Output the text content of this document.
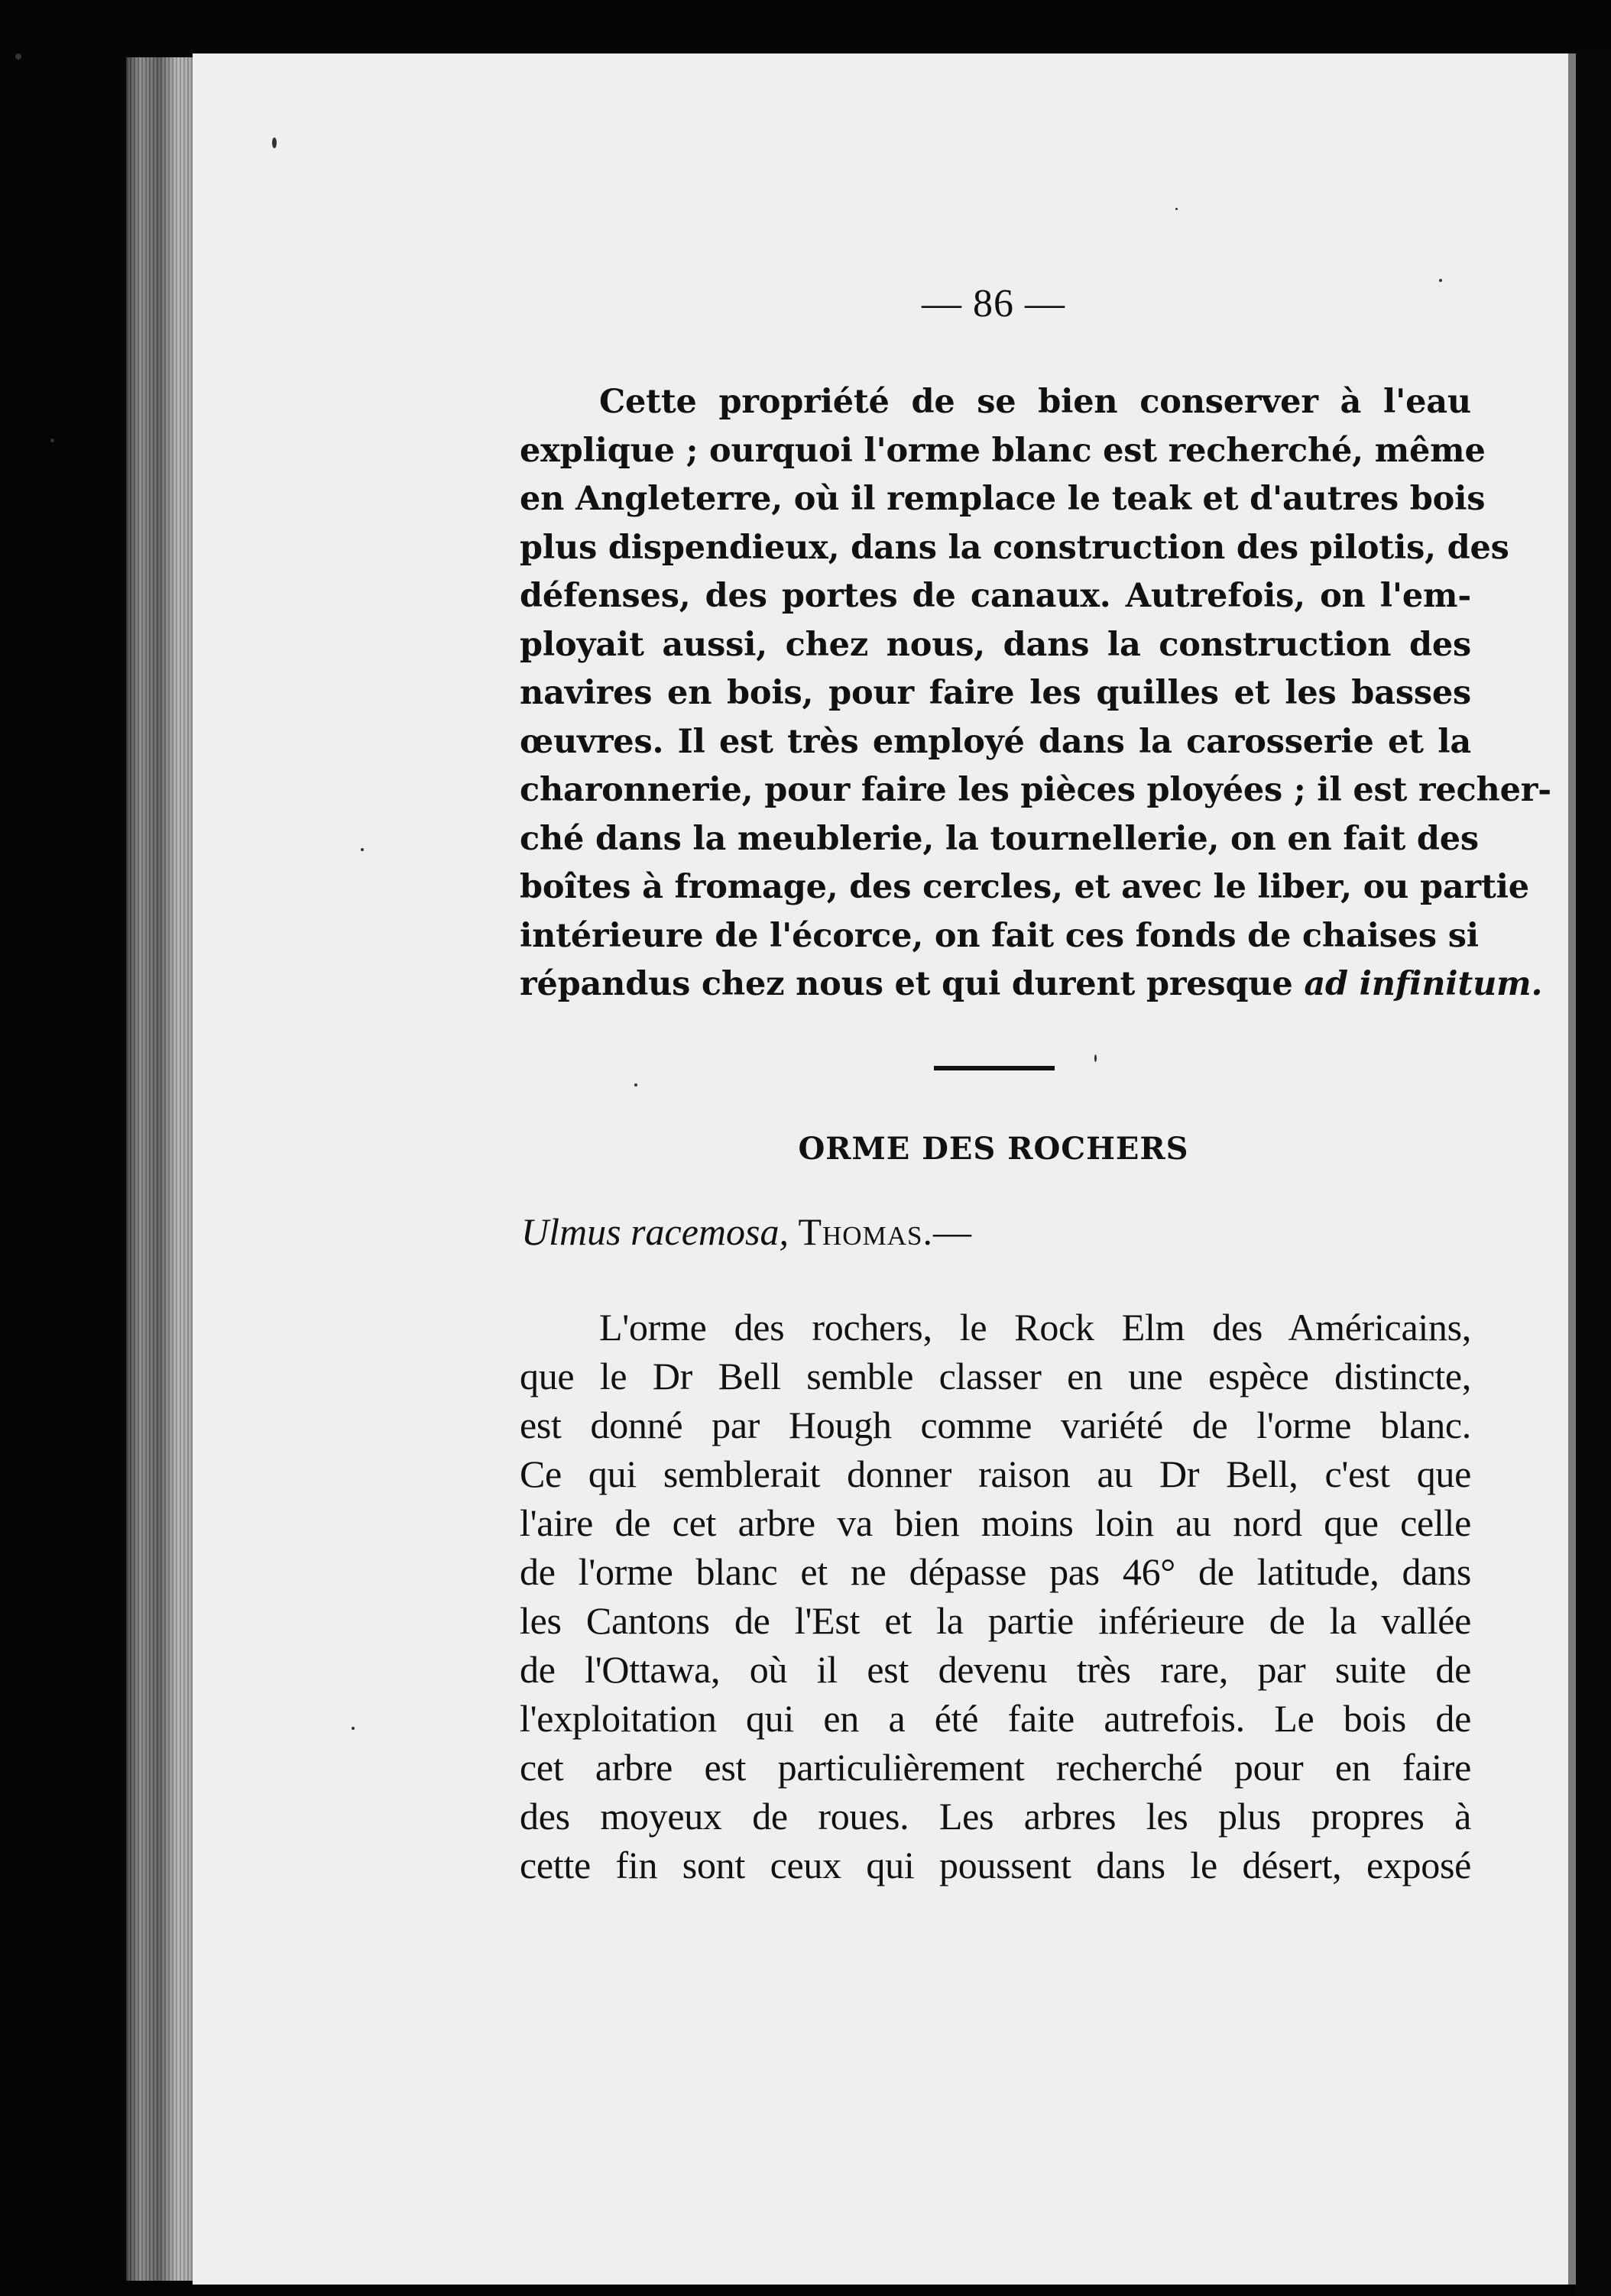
— 86 —
Cette propriété de se bien conserver à l'eau
explique ; ourquoi l'orme blanc est recherché, même
en Angleterre, où il remplace le teak et d'autres bois
plus dispendieux, dans la construction des pilotis, des
défenses, des portes de canaux. Autrefois, on l'em-
ployait aussi, chez nous, dans la construction des
navires en bois, pour faire les quilles et les basses
œuvres. Il est très employé dans la carosserie et la
charonnerie, pour faire les pièces ployées ; il est recher-
ché dans la meublerie, la tournellerie, on en fait des
boîtes à fromage, des cercles, et avec le liber, ou partie
intérieure de l'écorce, on fait ces fonds de chaises si
répandus chez nous et qui durent presque ad infinitum.
ORME DES ROCHERS
Ulmus racemosa, Thomas.—
L'orme des rochers, le Rock Elm des Américains,
que le Dr Bell semble classer en une espèce distincte,
est donné par Hough comme variété de l'orme blanc.
Ce qui semblerait donner raison au Dr Bell, c'est que
l'aire de cet arbre va bien moins loin au nord que celle
de l'orme blanc et ne dépasse pas 46° de latitude, dans
les Cantons de l'Est et la partie inférieure de la vallée
de l'Ottawa, où il est devenu très rare, par suite de
l'exploitation qui en a été faite autrefois. Le bois de
cet arbre est particulièrement recherché pour en faire
des moyeux de roues. Les arbres les plus propres à
cette fin sont ceux qui poussent dans le désert, exposé
